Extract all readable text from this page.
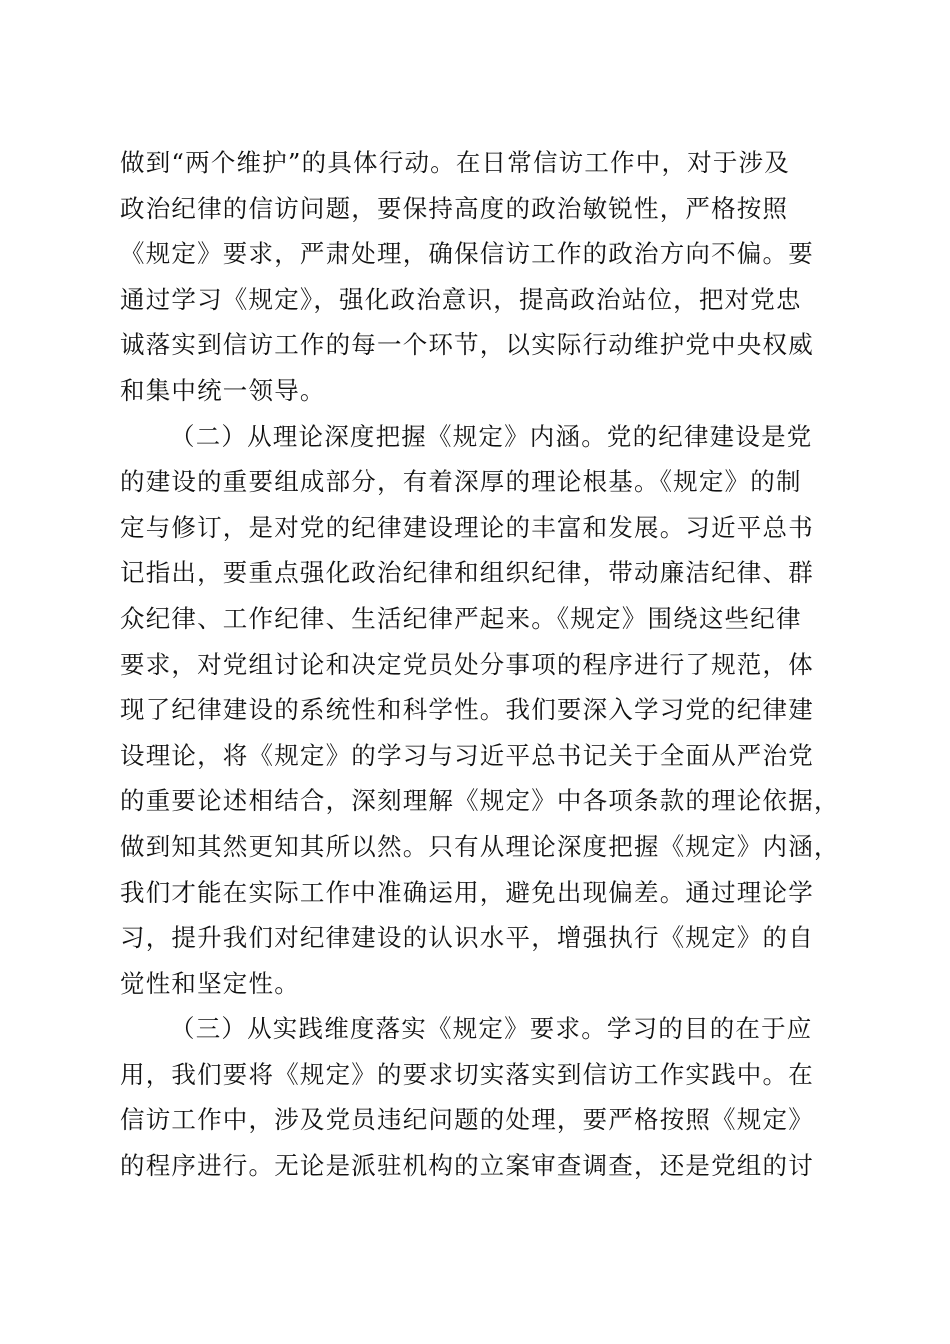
做到“两个维护”的具体行动。在日常信访工作中，对于涉及
政治纪律的信访问题，要保持高度的政治敏锐性，严格按照
《规定》要求，严肃处理，确保信访工作的政治方向不偏。要
通过学习《规定》，强化政治意识，提高政治站位，把对党忠
诚落实到信访工作的每一个环节，以实际行动维护党中央权威
和集中统一领导。
（二）从理论深度把握《规定》内涵。党的纪律建设是党
的建设的重要组成部分，有着深厚的理论根基。《规定》的制
定与修订，是对党的纪律建设理论的丰富和发展。习近平总书
记指出，要重点强化政治纪律和组织纪律，带动廉洁纪律、群
众纪律、工作纪律、生活纪律严起来。《规定》围绕这些纪律
要求，对党组讨论和决定党员处分事项的程序进行了规范，体
现了纪律建设的系统性和科学性。我们要深入学习党的纪律建
设理论，将《规定》的学习与习近平总书记关于全面从严治党
的重要论述相结合，深刻理解《规定》中各项条款的理论依据，
做到知其然更知其所以然。只有从理论深度把握《规定》内涵，
我们才能在实际工作中准确运用，避免出现偏差。通过理论学
习，提升我们对纪律建设的认识水平，增强执行《规定》的自
觉性和坚定性。
（三）从实践维度落实《规定》要求。学习的目的在于应
用，我们要将《规定》的要求切实落实到信访工作实践中。在
信访工作中，涉及党员违纪问题的处理，要严格按照《规定》
的程序进行。无论是派驻机构的立案审查调查，还是党组的讨
